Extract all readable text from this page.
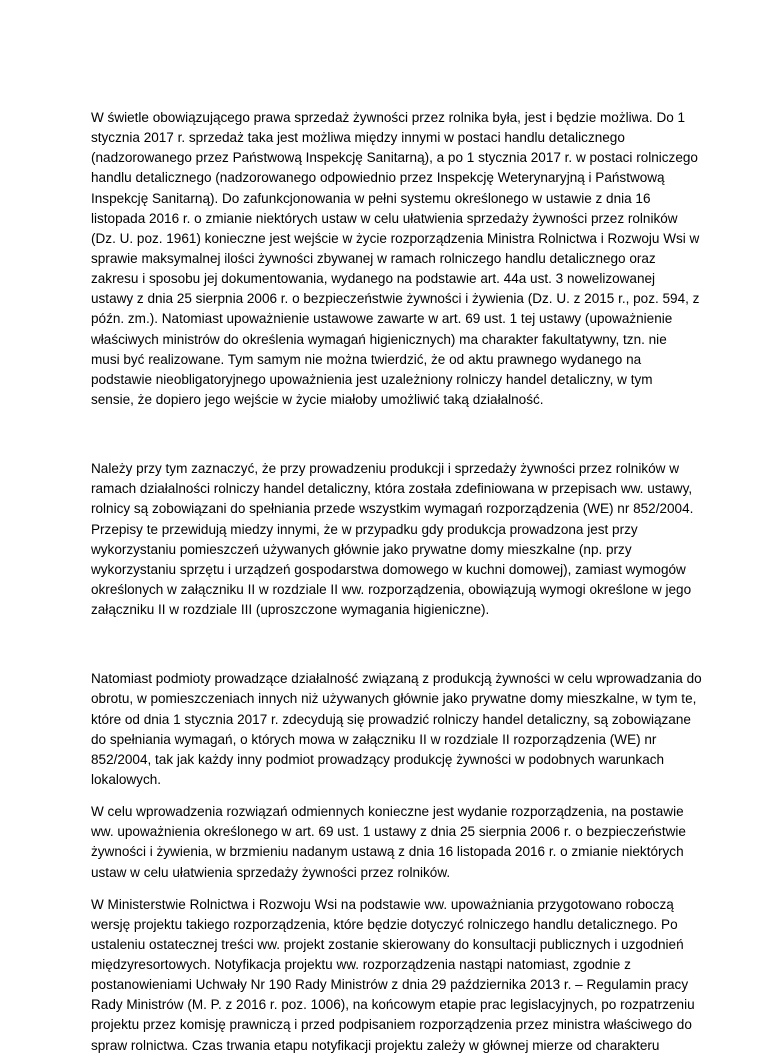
W świetle obowiązującego prawa sprzedaż żywności przez rolnika była, jest i będzie możliwa. Do 1
stycznia 2017 r. sprzedaż taka jest możliwa między innymi w postaci handlu detalicznego
(nadzorowanego przez Państwową Inspekcję Sanitarną), a po 1 stycznia 2017 r. w postaci rolniczego
handlu detalicznego (nadzorowanego odpowiednio przez Inspekcję Weterynaryjną i Państwową
Inspekcję Sanitarną). Do zafunkcjonowania w pełni systemu określonego w ustawie z dnia 16
listopada 2016 r. o zmianie niektórych ustaw w celu ułatwienia sprzedaży żywności przez rolników
(Dz. U. poz. 1961) konieczne jest wejście w życie rozporządzenia Ministra Rolnictwa i Rozwoju Wsi w
sprawie maksymalnej ilości żywności zbywanej w ramach rolniczego handlu detalicznego oraz
zakresu i sposobu jej dokumentowania, wydanego na podstawie art. 44a ust. 3 nowelizowanej
ustawy z dnia 25 sierpnia 2006 r. o bezpieczeństwie żywności i żywienia (Dz. U. z 2015 r., poz. 594, z
późn. zm.). Natomiast upoważnienie ustawowe zawarte w art. 69 ust. 1 tej ustawy (upoważnienie
właściwych ministrów do określenia wymagań higienicznych) ma charakter fakultatywny, tzn. nie
musi być realizowane. Tym samym nie można twierdzić, że od aktu prawnego wydanego na
podstawie nieobligatoryjnego upoważnienia jest uzależniony rolniczy handel detaliczny, w tym
sensie, że dopiero jego wejście w życie miałoby umożliwić taką działalność.
Należy przy tym zaznaczyć, że przy prowadzeniu produkcji i sprzedaży żywności przez rolników w
ramach działalności rolniczy handel detaliczny, która została zdefiniowana w przepisach ww. ustawy,
rolnicy są zobowiązani do spełniania przede wszystkim wymagań rozporządzenia (WE) nr 852/2004.
Przepisy te przewidują miedzy innymi, że w przypadku gdy produkcja prowadzona jest przy
wykorzystaniu pomieszczeń używanych głównie jako prywatne domy mieszkalne (np. przy
wykorzystaniu sprzętu i urządzeń gospodarstwa domowego w kuchni domowej), zamiast wymogów
określonych w załączniku II w rozdziale II ww. rozporządzenia, obowiązują wymogi określone w jego
załączniku II w rozdziale III (uproszczone wymagania higieniczne).
Natomiast podmioty prowadzące działalność związaną z produkcją żywności w celu wprowadzania do
obrotu, w pomieszczeniach innych niż używanych głównie jako prywatne domy mieszkalne, w tym te,
które od dnia 1 stycznia 2017 r. zdecydują się prowadzić rolniczy handel detaliczny, są zobowiązane
do spełniania wymagań, o których mowa w załączniku II w rozdziale II rozporządzenia (WE) nr
852/2004, tak jak każdy inny podmiot prowadzący produkcję żywności w podobnych warunkach
lokalowych.
W celu wprowadzenia rozwiązań odmiennych konieczne jest wydanie rozporządzenia, na postawie
ww. upoważnienia określonego w art. 69 ust. 1 ustawy z dnia 25 sierpnia 2006 r. o bezpieczeństwie
żywności i żywienia, w brzmieniu nadanym ustawą z dnia 16 listopada 2016 r. o zmianie niektórych
ustaw w celu ułatwienia sprzedaży żywności przez rolników.
W Ministerstwie Rolnictwa i Rozwoju Wsi na podstawie ww. upoważniania przygotowano roboczą
wersję projektu takiego rozporządzenia, które będzie dotyczyć rolniczego handlu detalicznego. Po
ustaleniu ostatecznej treści ww. projekt zostanie skierowany do konsultacji publicznych i uzgodnień
międzyresortowych. Notyfikacja projektu ww. rozporządzenia nastąpi natomiast, zgodnie z
postanowieniami Uchwały Nr 190 Rady Ministrów z dnia 29 października 2013 r. – Regulamin pracy
Rady Ministrów (M. P. z 2016 r. poz. 1006), na końcowym etapie prac legislacyjnych, po rozpatrzeniu
projektu przez komisję prawniczą i przed podpisaniem rozporządzenia przez ministra właściwego do
spraw rolnictwa. Czas trwania etapu notyfikacji projektu zależy w głównej mierze od charakteru
